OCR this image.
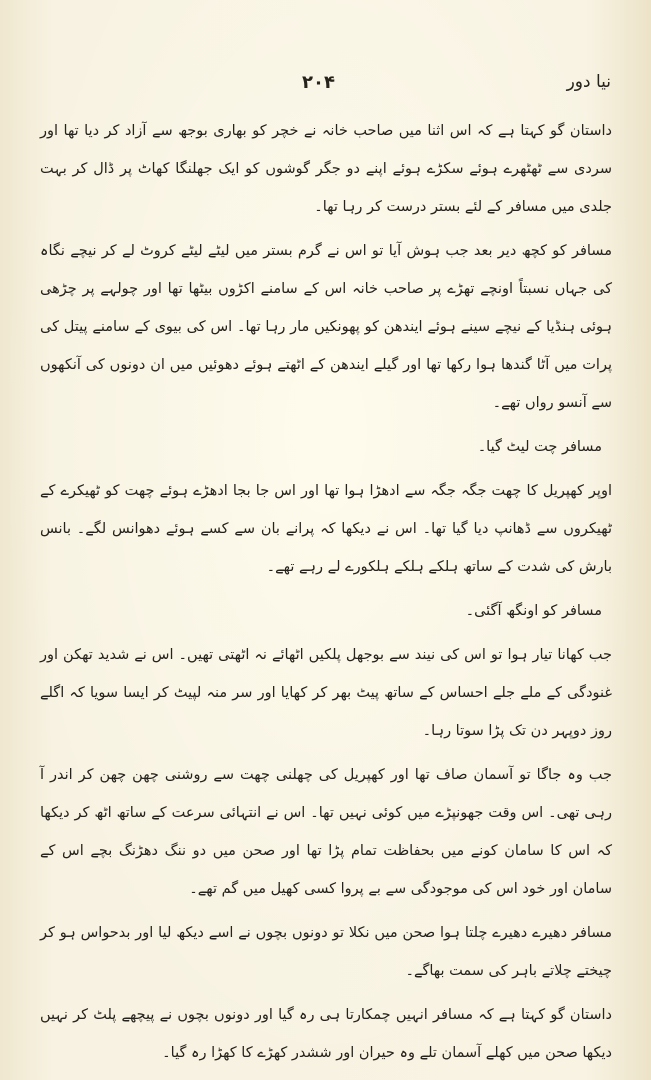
۲۰۴	نیا دور

داستان گو کہتا ہے کہ اس اثنا میں صاحب خانہ نے خچر کو بھاری بوجھ سے آزاد کر دیا تھا اور سردی سے ٹھٹھرے ہوئے سکڑے ہوئے اپنے دو جگر گوشوں کو ایک جھلنگا کھاٹ پر ڈال کر بہت جلدی میں مسافر کے لئے بستر درست کر رہا تھا۔

مسافر کو کچھ دیر بعد جب ہوش آیا تو اس نے گرم بستر میں لیٹے لیٹے کروٹ لے کر نیچے نگاہ کی جہاں نسبتاً اونچے تھڑے پر صاحب خانہ اس کے سامنے اکڑوں بیٹھا تھا اور چولہے پر چڑھی ہوئی ہنڈیا کے نیچے سینے ہوئے ایندھن کو پھونکیں مار رہا تھا۔ اس کی بیوی کے سامنے پیتل کی پرات میں آٹا گندھا ہوا رکھا تھا اور گیلے ایندھن کے اٹھتے ہوئے دھوئیں میں ان دونوں کی آنکھوں سے آنسو رواں تھے۔

مسافر چت لیٹ گیا۔

اوپر کھپریل کا چھت جگہ جگہ سے ادھڑا ہوا تھا اور اس جا بجا ادھڑے ہوئے چھت کو ٹھیکرے کے ٹھیکروں سے ڈھانپ دیا گیا تھا۔ اس نے دیکھا کہ پرانے بان سے کسے ہوئے دھوانس لگے۔ بانس بارش کی شدت کے ساتھ ہلکے ہلکے ہلکورے لے رہے تھے۔

مسافر کو اونگھ آگئی۔

جب کھانا تیار ہوا تو اس کی نیند سے بوجھل پلکیں اٹھائے نہ اٹھتی تھیں۔ اس نے شدید تھکن اور غنودگی کے ملے جلے احساس کے ساتھ پیٹ بھر کر کھایا اور سر منہ لپیٹ کر ایسا سویا کہ اگلے روز دوپہر دن تک پڑا سوتا رہا۔

جب وہ جاگا تو آسمان صاف تھا اور کھپریل کی چھلنی چھت سے روشنی چھن چھن کر اندر آ رہی تھی۔ اس وقت جھونپڑے میں کوئی نہیں تھا۔ اس نے انتہائی سرعت کے ساتھ اٹھ کر دیکھا کہ اس کا سامان کونے میں بحفاظت تمام پڑا تھا اور صحن میں دو ننگ دھڑنگ بچے اس کے سامان اور خود اس کی موجودگی سے بے پروا کسی کھیل میں گم تھے۔

مسافر دھیرے دھیرے چلتا ہوا صحن میں نکلا تو دونوں بچوں نے اسے دیکھ لیا اور بدحواس ہو کر چیختے چلاتے باہر کی سمت بھاگے۔

داستان گو کہتا ہے کہ مسافر انہیں چمکارتا ہی رہ گیا اور دونوں بچوں نے پیچھے پلٹ کر نہیں دیکھا صحن میں کھلے آسمان تلے وہ حیران اور ششدر کھڑے کا کھڑا رہ گیا۔
